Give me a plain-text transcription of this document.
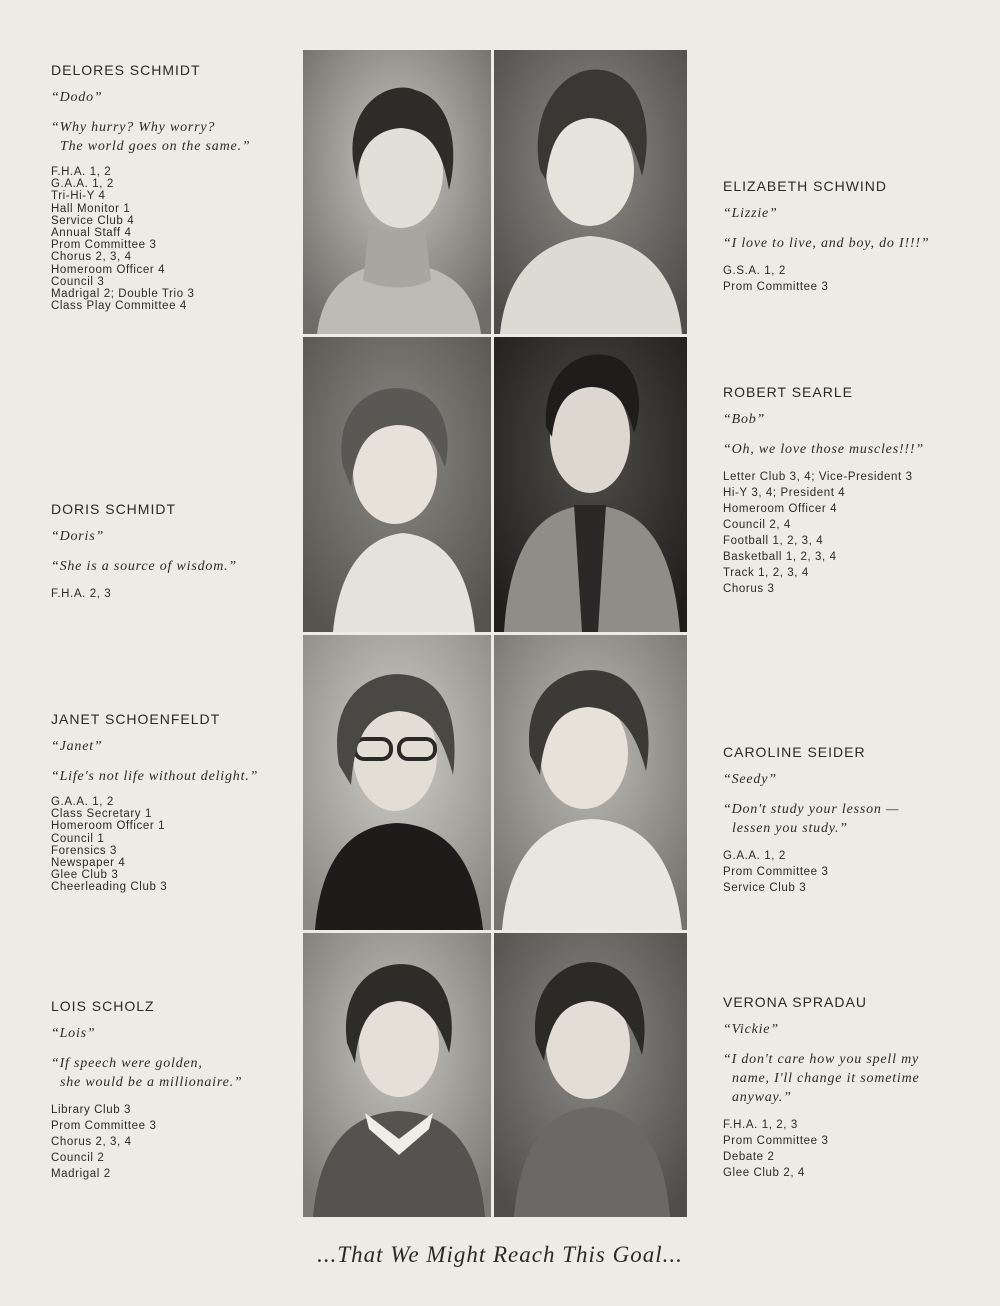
DELORES SCHMIDT
“Dodo”
“Why hurry? Why worry?
The world goes on the same.”
F.H.A. 1, 2
G.A.A. 1, 2
Tri-Hi-Y 4
Hall Monitor 1
Service Club 4
Annual Staff 4
Prom Committee 3
Chorus 2, 3, 4
Homeroom Officer 4
Council 3
Madrigal 2; Double Trio 3
Class Play Committee 4
DORIS SCHMIDT
“Doris”
“She is a source of wisdom.”
F.H.A. 2, 3
JANET SCHOENFELDT
“Janet”
“Life's not life without delight.”
G.A.A. 1, 2
Class Secretary 1
Homeroom Officer 1
Council 1
Forensics 3
Newspaper 4
Glee Club 3
Cheerleading Club 3
LOIS SCHOLZ
“Lois”
“If speech were golden,
she would be a millionaire.”
Library Club 3
Prom Committee 3
Chorus 2, 3, 4
Council 2
Madrigal 2
ELIZABETH SCHWIND
“Lizzie”
“I love to live, and boy, do I!!!”
G.S.A. 1, 2
Prom Committee 3
ROBERT SEARLE
“Bob”
“Oh, we love those muscles!!!”
Letter Club 3, 4; Vice-President 3
Hi-Y 3, 4; President 4
Homeroom Officer 4
Council 2, 4
Football 1, 2, 3, 4
Basketball 1, 2, 3, 4
Track 1, 2, 3, 4
Chorus 3
CAROLINE SEIDER
“Seedy”
“Don't study your lesson —
lessen you study.”
G.A.A. 1, 2
Prom Committee 3
Service Club 3
VERONA SPRADAU
“Vickie”
“I don't care how you spell my
name, I'll change it sometime
anyway.”
F.H.A. 1, 2, 3
Prom Committee 3
Debate 2
Glee Club 2, 4
...That We Might Reach This Goal...
